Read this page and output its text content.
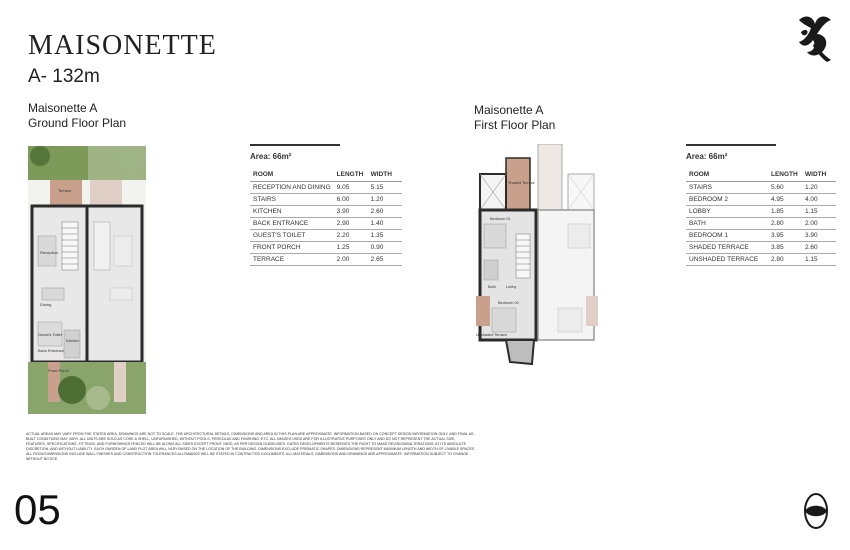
MAISONETTE
A- 132m
Maisonette A
Ground Floor Plan
Terrace
Reception
Dining
Kitchen
Back Entrance
Guest's Toilet
Front Porch
Area: 66m²
ROOM	LENGTH	WIDTH
RECEPTION AND DINING	9.05	5.15
STAIRS	6.00	1.20
KITCHEN	3.90	2.60
BACK ENTRANCE	2.90	1.40
GUEST'S TOILET	2.20	1.35
FRONT PORCH	1.25	0.90
TERRACE	2.00	2.65
Maisonette A
First Floor Plan
Shaded Terrace
Bedroom 01
Bath	Lobby
Bedroom 02
Unshaded Terrace
Area: 66m²
ROOM	LENGTH	WIDTH
STAIRS	5.60	1.20
BEDROOM 2	4.95	4.00
LOBBY	1.85	1.15
BATH	2.80	2.00
BEDROOM 1	3.95	3.90
SHADED TERRACE	3.85	2.60
UNSHADED TERRACE	2.80	1.15
ACTUAL AREAS MAY VARY FROM THE STATED AREA. DRAWINGS ARE NOT TO SCALE. THE ARCHITECTURAL DETAILS, DIMENSIONS AND AREA IN THIS PLAN ARE APPROXIMATE. INFORMATION BASED ON CONCEPT DESIGN INFORMATION ONLY, AND FINAL AS-BUILT CONDITIONS MAY VARY. ALL UNITS ARE SOLD AS CORE & SHELL, UNFURNISHED, WITHOUT POOLS, PERGOLAS AND FINISHING, ETC. ALL IMAGES USED ARE FOR ILLUSTRATIVE PURPOSES ONLY AND DO NOT REPRESENT THE ACTUAL SIZE, FEATURES, SPECIFICATIONS, FITTINGS, AND FURNISHINGS FENCED WILL BE ALONG ALL SIDES EXCEPT FRONT YARD, AS PER DESIGN GUIDELINES. GATED DEVELOPMENTS RESERVES THE RIGHT TO MAKE REVISIONS/ALTERATIONS, AT ITS ABSOLUTE DISCRETION, AND WITHOUT LIABILITY. EACH GARDEN OF LAND PLOT AREA WILL VARY BASED ON THE LOCATION OF THE BUILDING. DIMENSIONS EXCLUDE PRISMATIC SHAPES. DIMENSIONS REPRESENT MAXIMUM LENGTH AND WIDTH OF LIVABLE SPACES ALL ROOM DIMENSIONS INCLUDE WALL FINISHES AND CONSTRUCTION TOLERANCES ALLOWANCE WILL BE STATED IN CONTRACTED DOCUMENTS. ALL MATERIALS, DIMENSIONS AND DRAWINGS ARE APPROXIMATE. INFORMATION SUBJECT TO CHANGE WITHOUT NOTICE
05
